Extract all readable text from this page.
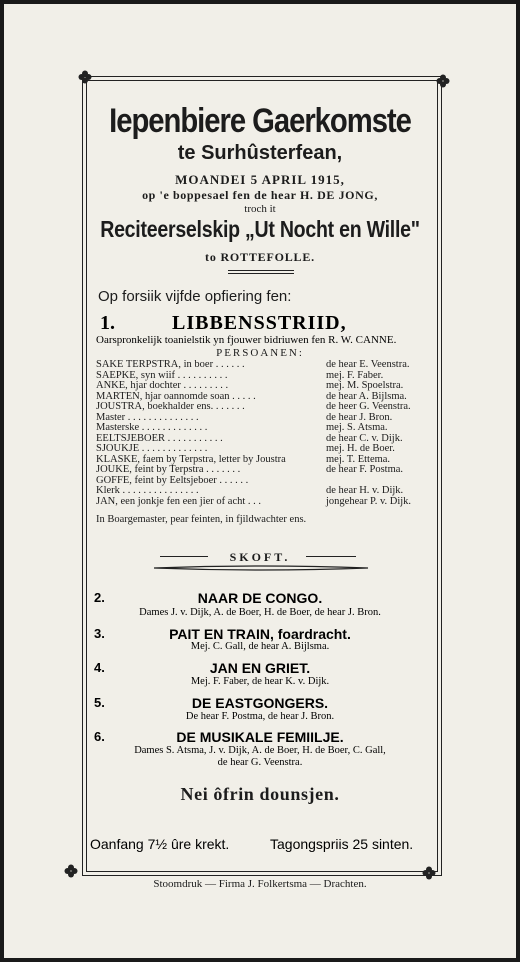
Iepenbiere Gaerkomste
te Surhûsterfean,
MOANDEI 5 APRIL 1915,
op 'e boppesael fen de hear H. DE JONG,
troch it
Reciteerselskip „Ut Nocht en Wille"
to ROTTEFOLLE.
Op forsiik vijfde opfiering fen:
1.	LIBBENSSTRIID,
Oarspronkelijk toanielstik yn fjouwer bidriuwen fen R. W. CANNE.
PERSOANEN:
SAKE TERPSTRA, in boer . . . . . .	de hear E. Veenstra.
SAEPKE, syn wiif . . . . . . . . . .	mej. F. Faber.
ANKE, hjar dochter . . . . . . . . .	mej. M. Spoelstra.
MARTEN, hjar oannomde soan . . . . .	de hear A. Bijlsma.
JOUSTRA, boekhalder ens. . . . . . .	de heer G. Veenstra.
Master . . . . . . . . . . . . . .	de hear J. Bron.
Masterske . . . . . . . . . . . . .	mej. S. Atsma.
EELTSJEBOER . . . . . . . . . . .	de hear C. v. Dijk.
SJOUKJE . . . . . . . . . . . . .	mej. H. de Boer.
KLASKE, faem by Terpstra, letter by Joustra	mej. T. Ettema.
JOUKE, feint by Terpstra . . . . . . .	de hear F. Postma.
GOFFE, feint by Eeltsjeboer . . . . . .
Klerk . . . . . . . . . . . . . . .	de hear H. v. Dijk.
JAN, een jonkje fen een jier of acht . . .	jongehear P. v. Dijk.
In Boargemaster, pear feinten, in fjildwachter ens.
SKOFT.
2.	NAAR DE CONGO.
Dames J. v. Dijk, A. de Boer, H. de Boer, de hear J. Bron.
3.	PAIT EN TRAIN, foardracht.
Mej. C. Gall, de hear A. Bijlsma.
4.	JAN EN GRIET.
Mej. F. Faber, de hear K. v. Dijk.
5.	DE EASTGONGERS.
De hear F. Postma, de hear J. Bron.
6.	DE MUSIKALE FEMIILJE.
Dames S. Atsma, J. v. Dijk, A. de Boer, H. de Boer, C. Gall,
de hear G. Veenstra.
Nei ôfrin dounsjen.
Oanfang 7½ ûre krekt.	Tagongspriis 25 sinten.
Stoomdruk — Firma J. Folkertsma — Drachten.
